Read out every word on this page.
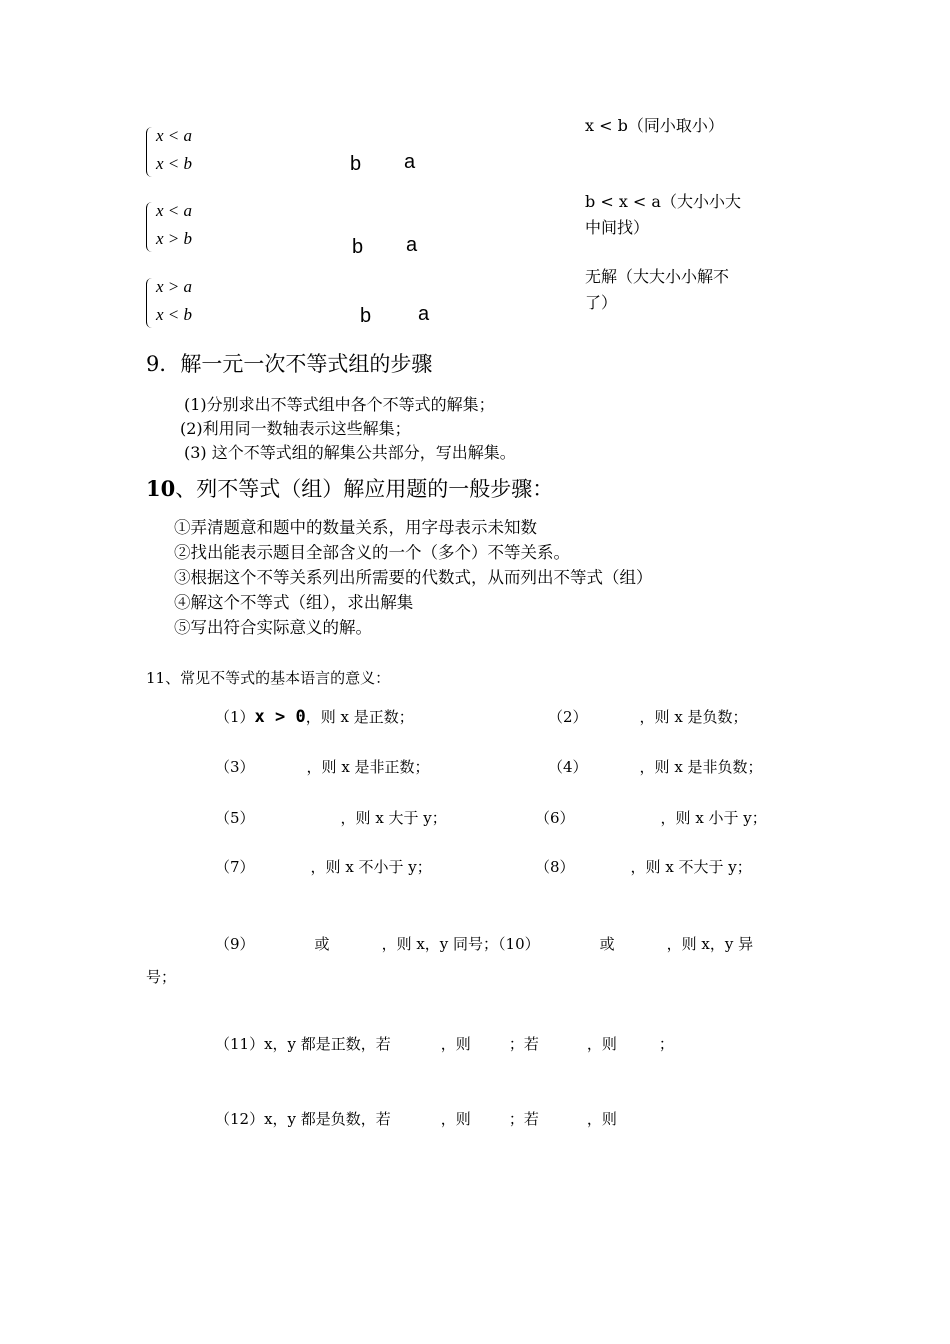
x < a
x < b	b a
x < b（同小取小）
x < a
x > b	b a
b < x < a（大小小大中间找）
x > a
x < b	b a
无解（大大小小解不了）
9．解一元一次不等式组的步骤
(1)分别求出不等式组中各个不等式的解集；
(2)利用同一数轴表示这些解集；
(3) 这个不等式组的解集公共部分，写出解集。
10、列不等式（组）解应用题的一般步骤：
①弄清题意和题中的数量关系，用字母表示未知数
②找出能表示题目全部含义的一个（多个）不等关系。
③根据这个不等关系列出所需要的代数式，从而列出不等式（组）
④解这个不等式（组），求出解集
⑤写出符合实际意义的解。
11、常见不等式的基本语言的意义：
（1）x > 0，则 x 是正数；	（2）	，则 x 是负数；
（3）	，则 x 是非正数；	（4）	，则 x 是非负数；
（5）	，则 x 大于 y；	（6）	，则 x 小于 y；
（7）	，则 x 不小于 y；	（8）	，则 x 不大于 y；
（9）	或	，则 x，y 同号；（10）	或	，则 x，y 异
号；
（11）x，y 都是正数，若	，则	；若	，则	；
（12）x，y 都是负数，若	，则	；若	，则
